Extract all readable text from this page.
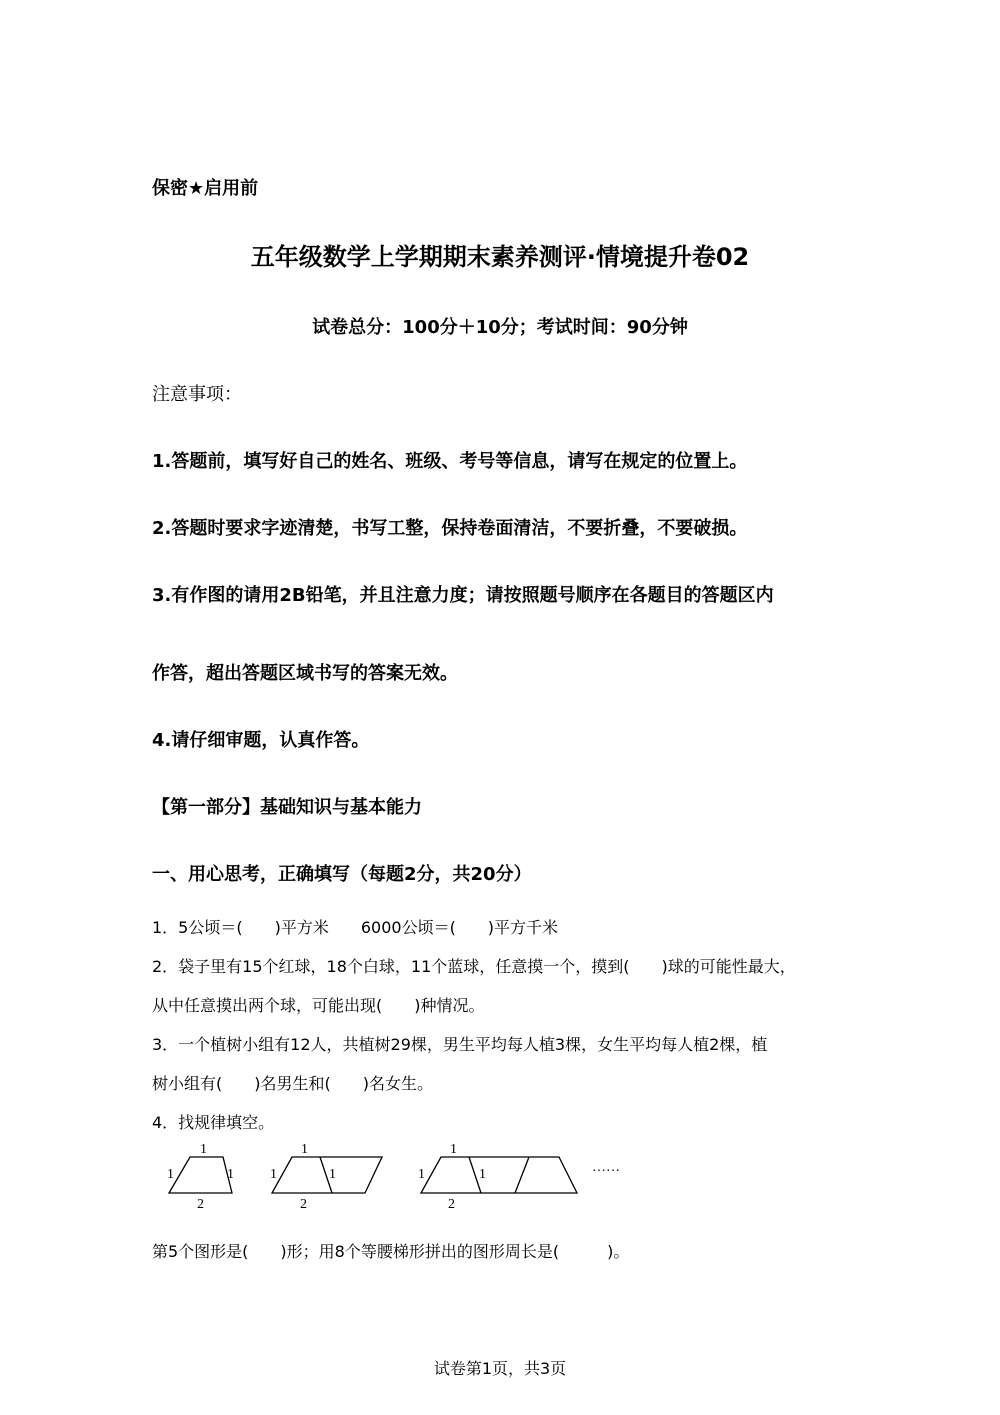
保密★启用前
五年级数学上学期期末素养测评·情境提升卷02
试卷总分：100分＋10分；考试时间：90分钟
注意事项：
1.答题前，填写好自己的姓名、班级、考号等信息，请写在规定的位置上。
2.答题时要求字迹清楚，书写工整，保持卷面清洁，不要折叠，不要破损。
3.有作图的请用2B铅笔，并且注意力度；请按照题号顺序在各题目的答题区内
作答，超出答题区域书写的答案无效。
4.请仔细审题，认真作答。
【第一部分】基础知识与基本能力
一、用心思考，正确填写（每题2分，共20分）
1．5公顷＝(　　)平方米　　6000公顷＝(　　)平方千米
2．袋子里有15个红球，18个白球，11个蓝球，任意摸一个，摸到(　　)球的可能性最大，
从中任意摸出两个球，可能出现(　　)种情况。
3．一个植树小组有12人，共植树29棵，男生平均每人植3棵，女生平均每人植2棵，植
树小组有(　　)名男生和(　　)名女生。
4．找规律填空。
1
1	1
2
1
1	1
2
1
1	1
2
……
第5个图形是(　　)形；用8个等腰梯形拼出的图形周长是(　　　)。
试卷第1页，共3页
